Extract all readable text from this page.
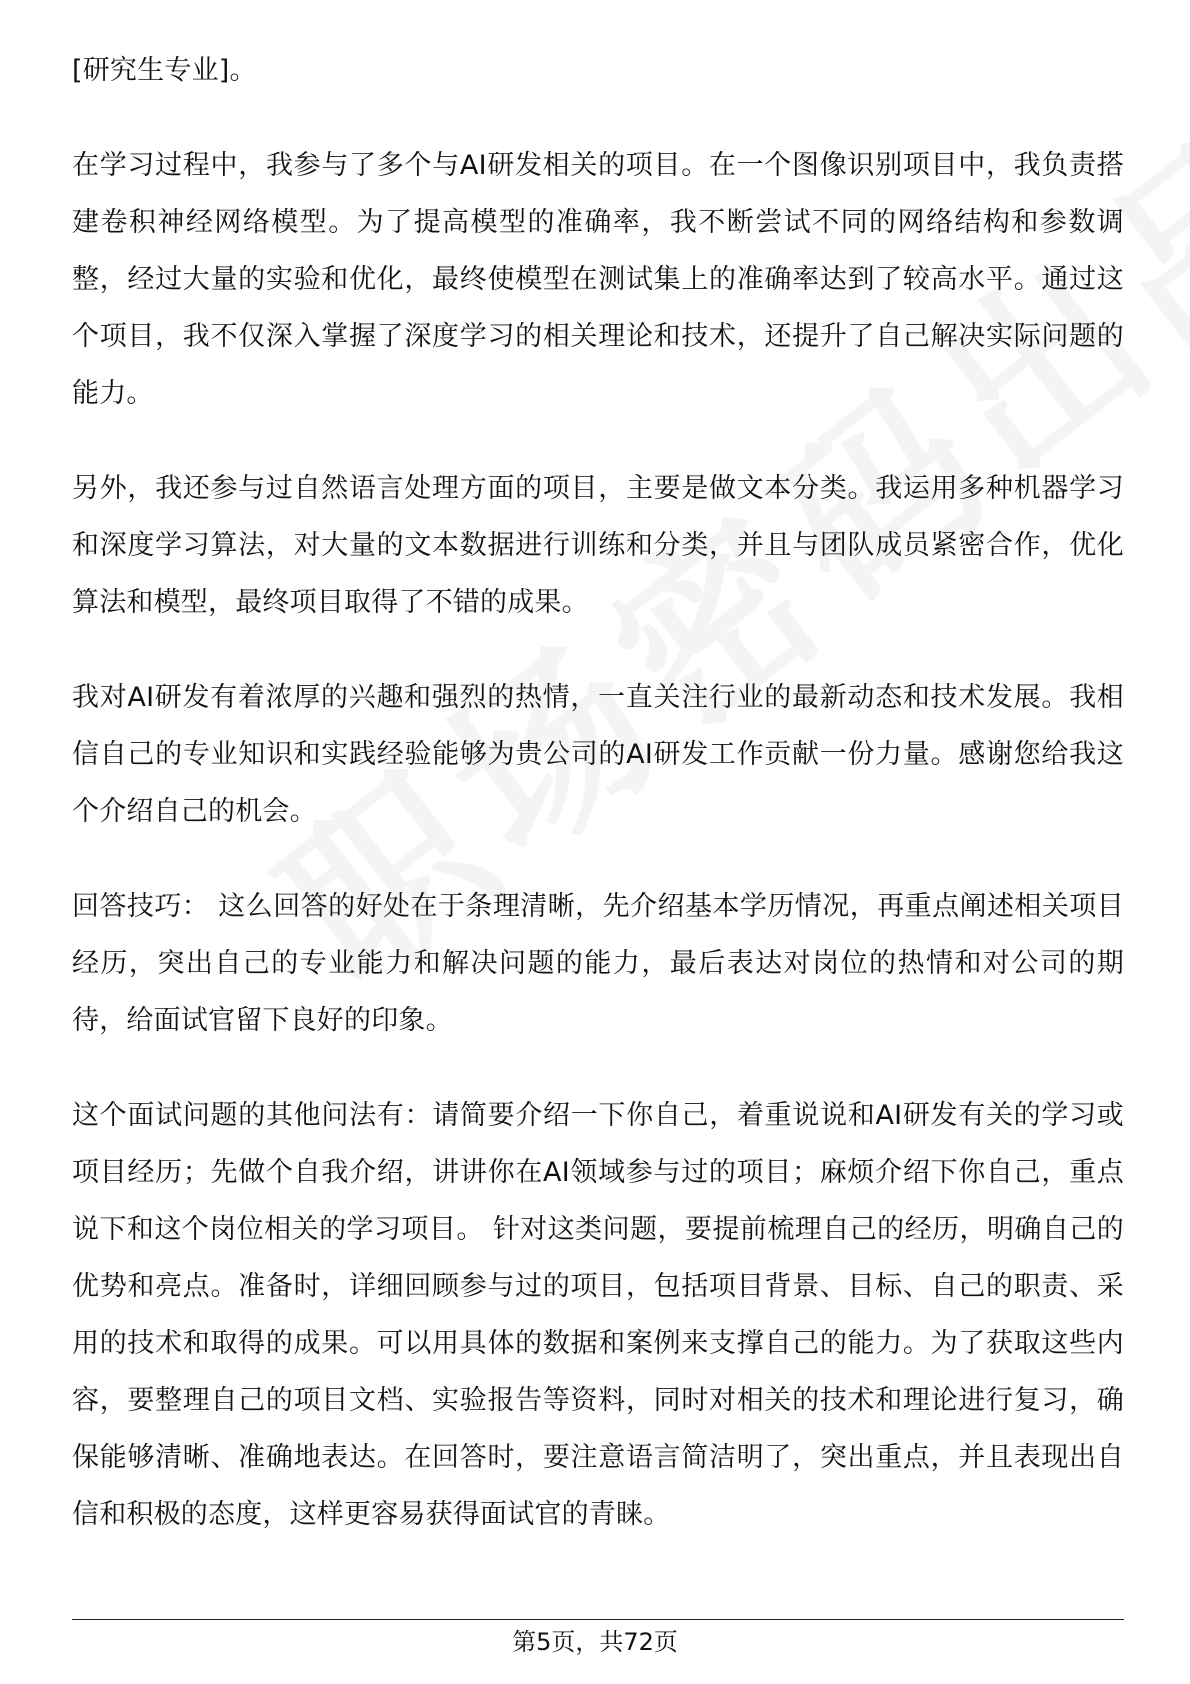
[研究生专业]。

在学习过程中，我参与了多个与AI研发相关的项目。在一个图像识别项目中，我负责搭建卷积神经网络模型。为了提高模型的准确率，我不断尝试不同的网络结构和参数调整，经过大量的实验和优化，最终使模型在测试集上的准确率达到了较高水平。通过这个项目，我不仅深入掌握了深度学习的相关理论和技术，还提升了自己解决实际问题的能力。

另外，我还参与过自然语言处理方面的项目，主要是做文本分类。我运用多种机器学习和深度学习算法，对大量的文本数据进行训练和分类，并且与团队成员紧密合作，优化算法和模型，最终项目取得了不错的成果。

我对AI研发有着浓厚的兴趣和强烈的热情，一直关注行业的最新动态和技术发展。我相信自己的专业知识和实践经验能够为贵公司的AI研发工作贡献一份力量。感谢您给我这个介绍自己的机会。

回答技巧： 这么回答的好处在于条理清晰，先介绍基本学历情况，再重点阐述相关项目经历，突出自己的专业能力和解决问题的能力，最后表达对岗位的热情和对公司的期待，给面试官留下良好的印象。

这个面试问题的其他问法有：请简要介绍一下你自己，着重说说和AI研发有关的学习或项目经历；先做个自我介绍，讲讲你在AI领域参与过的项目；麻烦介绍下你自己，重点说下和这个岗位相关的学习项目。 针对这类问题，要提前梳理自己的经历，明确自己的优势和亮点。准备时，详细回顾参与过的项目，包括项目背景、目标、自己的职责、采用的技术和取得的成果。可以用具体的数据和案例来支撑自己的能力。为了获取这些内容，要整理自己的项目文档、实验报告等资料，同时对相关的技术和理论进行复习，确保能够清晰、准确地表达。在回答时，要注意语言简洁明了，突出重点，并且表现出自信和积极的态度，这样更容易获得面试官的青睐。

第5页，共72页
